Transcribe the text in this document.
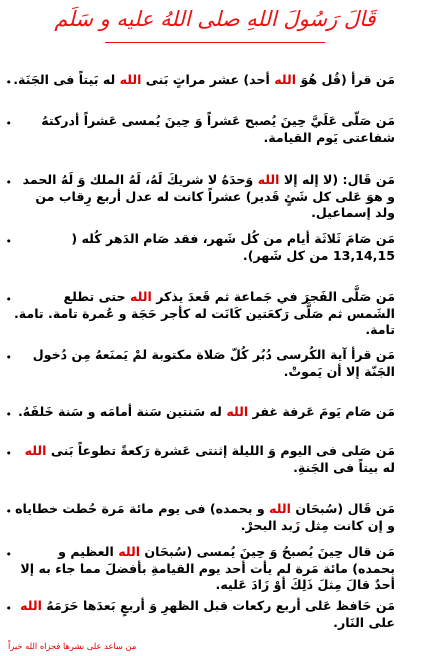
قَالَ رَسُولَ اللهِ صلى اللهُ عليه و سَلَم
•	مَن قرأ (قُل هُوَ الله أحد) عشر مراتٍ بَنى الله له بَيتاً فى الجَنَة.
•	مَن صَلّى عَلَيَّ حِينَ يُصبح عَشراً وَ حِينَ يُمسى عَشراً أدركتهُ شفاعتى يَوم القيامة.
•	مَن قَال: (لا إله إلا الله وَحدَهُ لا شريكَ لَهُ، لَهُ الملك وَ لَهُ الحمد و هوَ عَلى كل شَئٍ قَدير) عشراً كانت له عدل أربع رِقاب من ولد إسماعيل.
•	مَن صَامَ ثَلاثَة أيام من كُل شَهر، فقد صَام الدَهر كُله ( 13,14,15 من كل شَهر).
•	مَن صَلَّى الفَجرَ في جَماعة ثم قَعدَ يذكر الله حتى تطلع الشَمس ثم صَلَّى رَكعَتين كَانَت له كأجر حَجَة و عُمرة تامة. تامة. تامة.
•	مَن قرأ آية الكُرسى دُبُر كُلّ صَلاة مكتوبة لمْ يَمنَعهُ مِن دُخول الجَنّة إلا أن يَموتْ.
•	مَن صَام يَومَ عَرفة غفر الله له سَنتين سَنة أمامَه و سَنة خَلفَهُ.
•	مَن صَلى فى اليوم وَ الليلة إثنتى عَشرة رَكعةً تطوعاً بَنى الله له بيتاً فى الجَنةِ.
•	مَن قَال (سُبحَان الله و بحمده) فى يوم مائة مَرة حُطت خطاياه و إن كانت مِثل زَبد البحرْ.
•	مَن قال حِينَ يُصبحُ وَ حِينَ يُمسى (سُبحَان الله العظيم و بحمده) مائة مَرة لم يأت أحد يوم القيامةِ بأفضلَ مما جاء به إلا أحدٌ قالَ مِثلَ ذَلِكَ أوْ زَادَ عَليه.
•	مَن حَافظ عَلى أربع ركعات قبل الظهرِ وَ أربعٍ بَعدَها حَرَمَهُ الله على النَار.
من ساعد على نشرها فجزاه الله خيراً
